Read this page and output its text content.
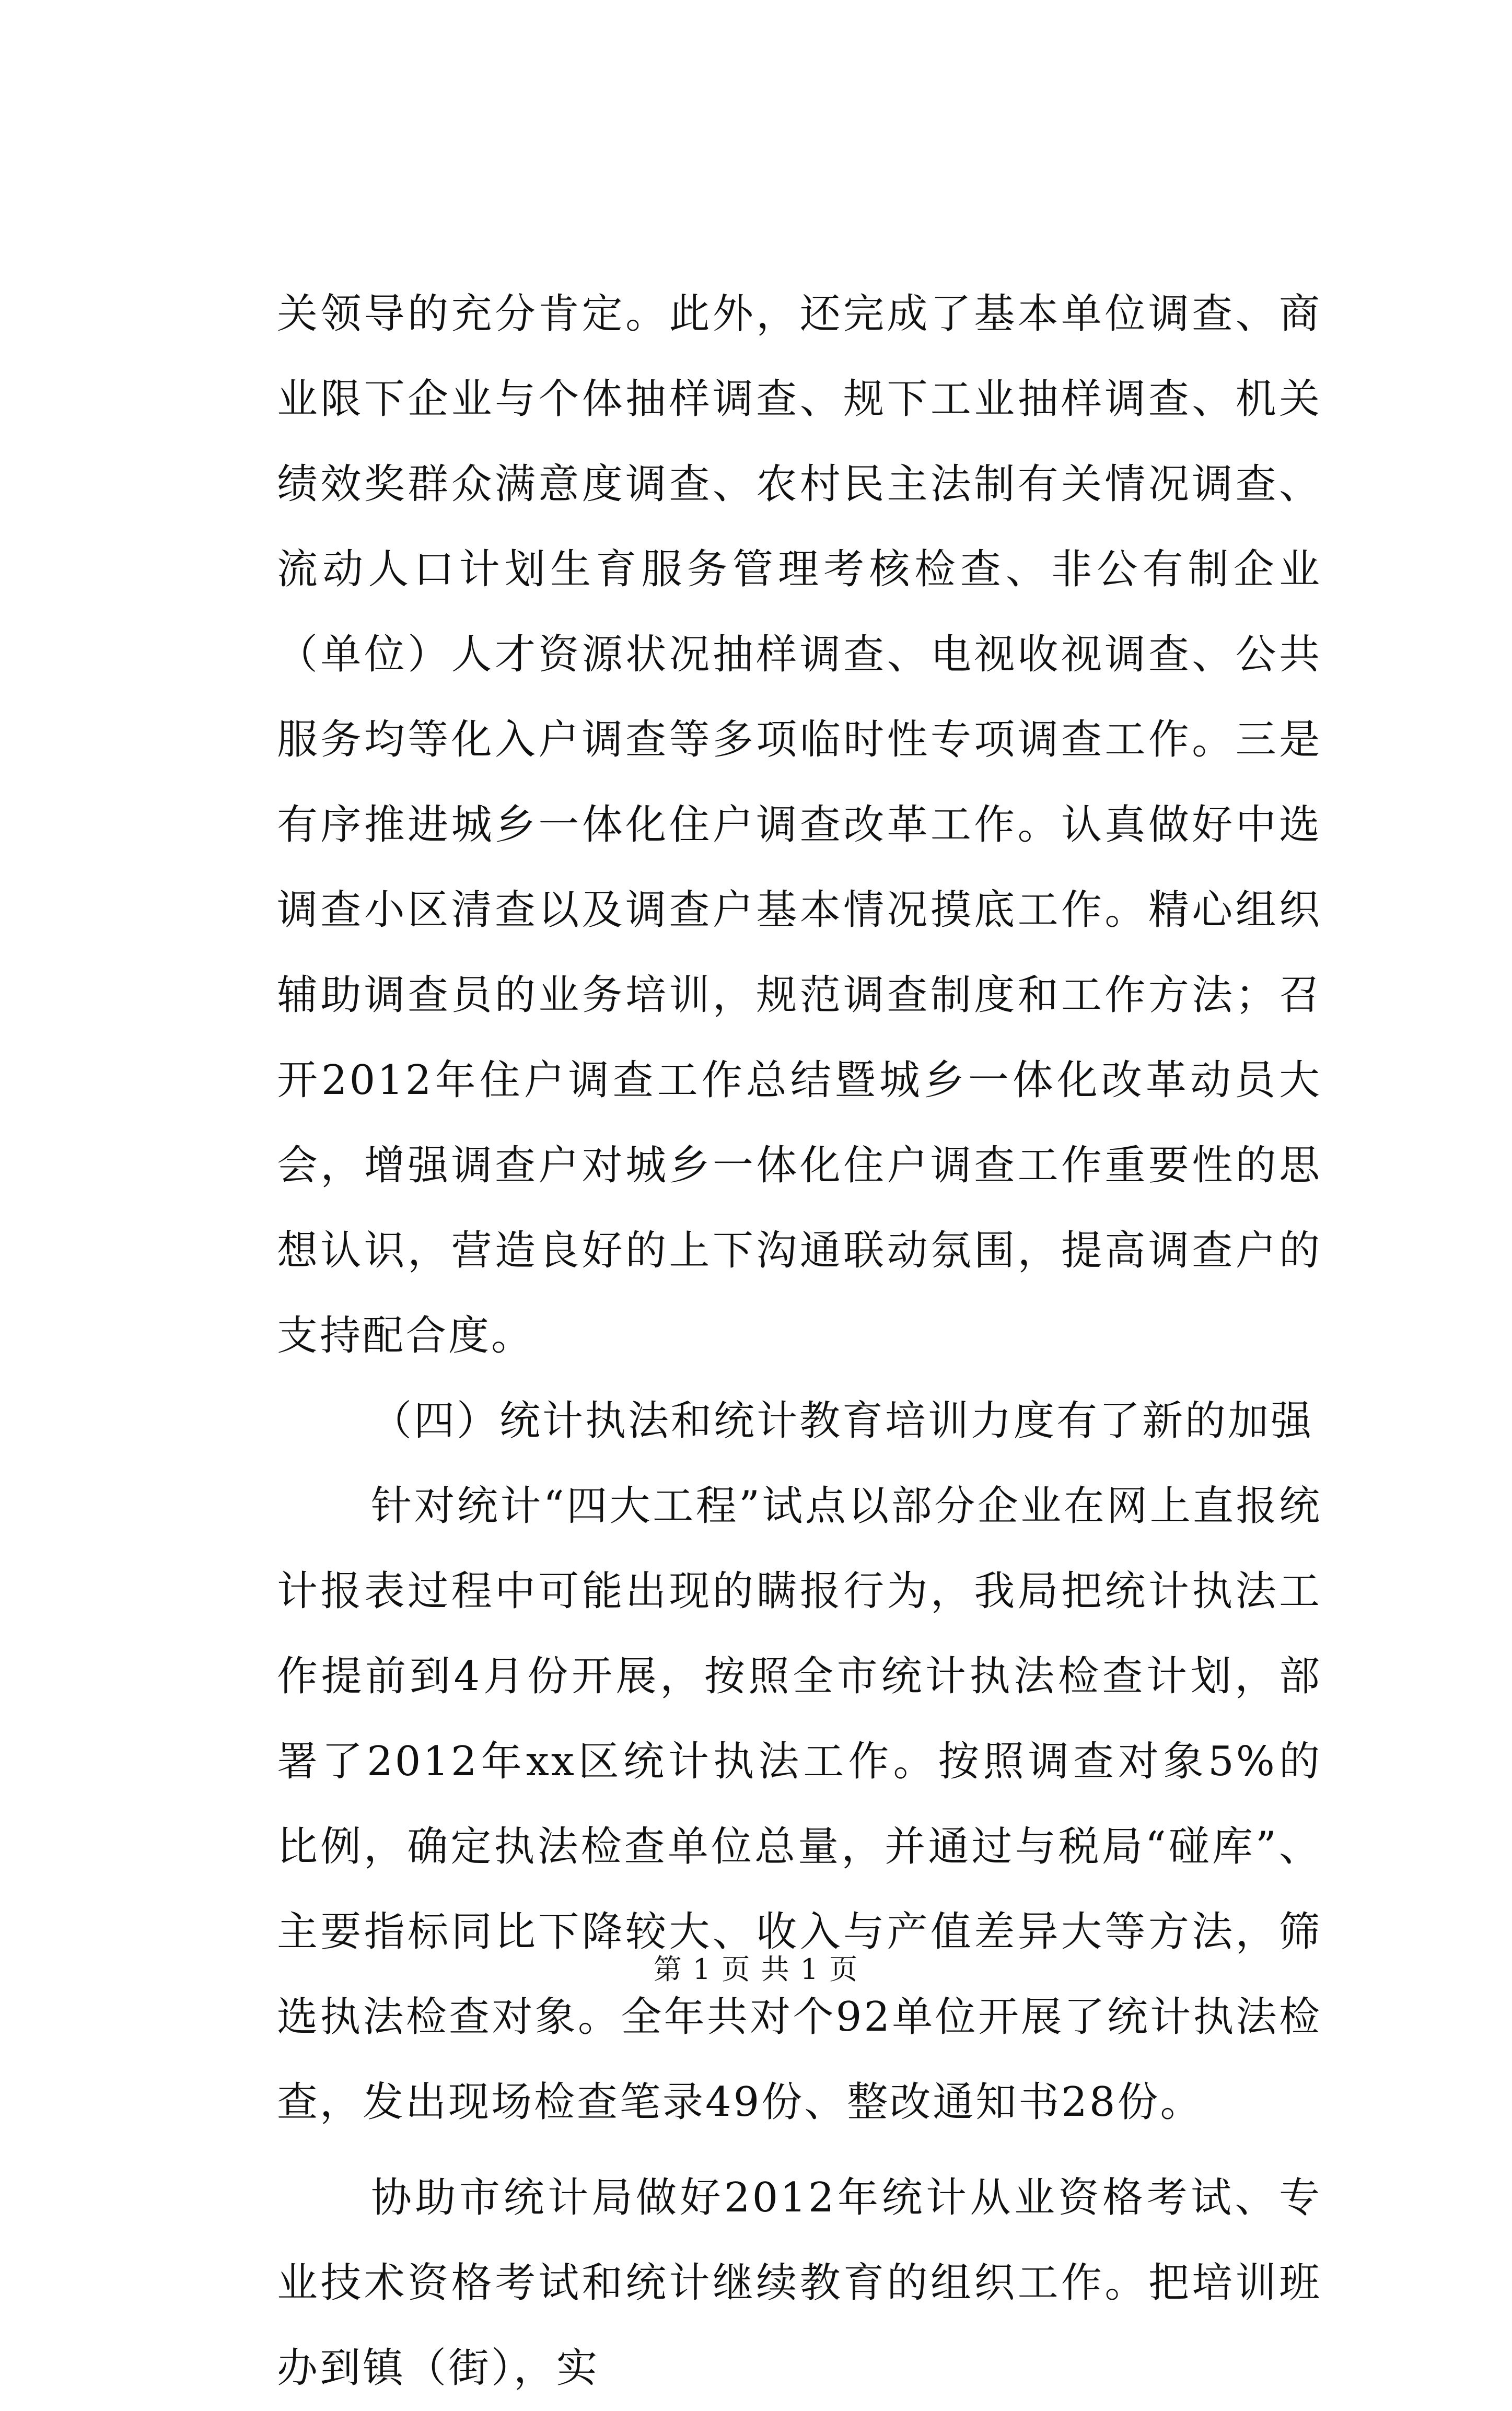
关领导的充分肯定。此外，还完成了基本单位调查、商业限下企业与个体抽样调查、规下工业抽样调查、机关绩效奖群众满意度调查、农村民主法制有关情况调查、流动人口计划生育服务管理考核检查、非公有制企业（单位）人才资源状况抽样调查、电视收视调查、公共服务均等化入户调查等多项临时性专项调查工作。三是有序推进城乡一体化住户调查改革工作。认真做好中选调查小区清查以及调查户基本情况摸底工作。精心组织辅助调查员的业务培训，规范调查制度和工作方法；召开2012年住户调查工作总结暨城乡一体化改革动员大会，增强调查户对城乡一体化住户调查工作重要性的思想认识，营造良好的上下沟通联动氛围，提高调查户的支持配合度。

（四）统计执法和统计教育培训力度有了新的加强

针对统计“四大工程”试点以部分企业在网上直报统计报表过程中可能出现的瞒报行为，我局把统计执法工作提前到4月份开展，按照全市统计执法检查计划，部署了2012年xx区统计执法工作。按照调查对象5%的比例，确定执法检查单位总量，并通过与税局“碰库”、主要指标同比下降较大、收入与产值差异大等方法，筛选执法检查对象。全年共对个92单位开展了统计执法检查，发出现场检查笔录49份、整改通知书28份。

协助市统计局做好2012年统计从业资格考试、专业技术资格考试和统计继续教育的组织工作。把培训班办到镇（街），实

第 1 页 共 1 页
